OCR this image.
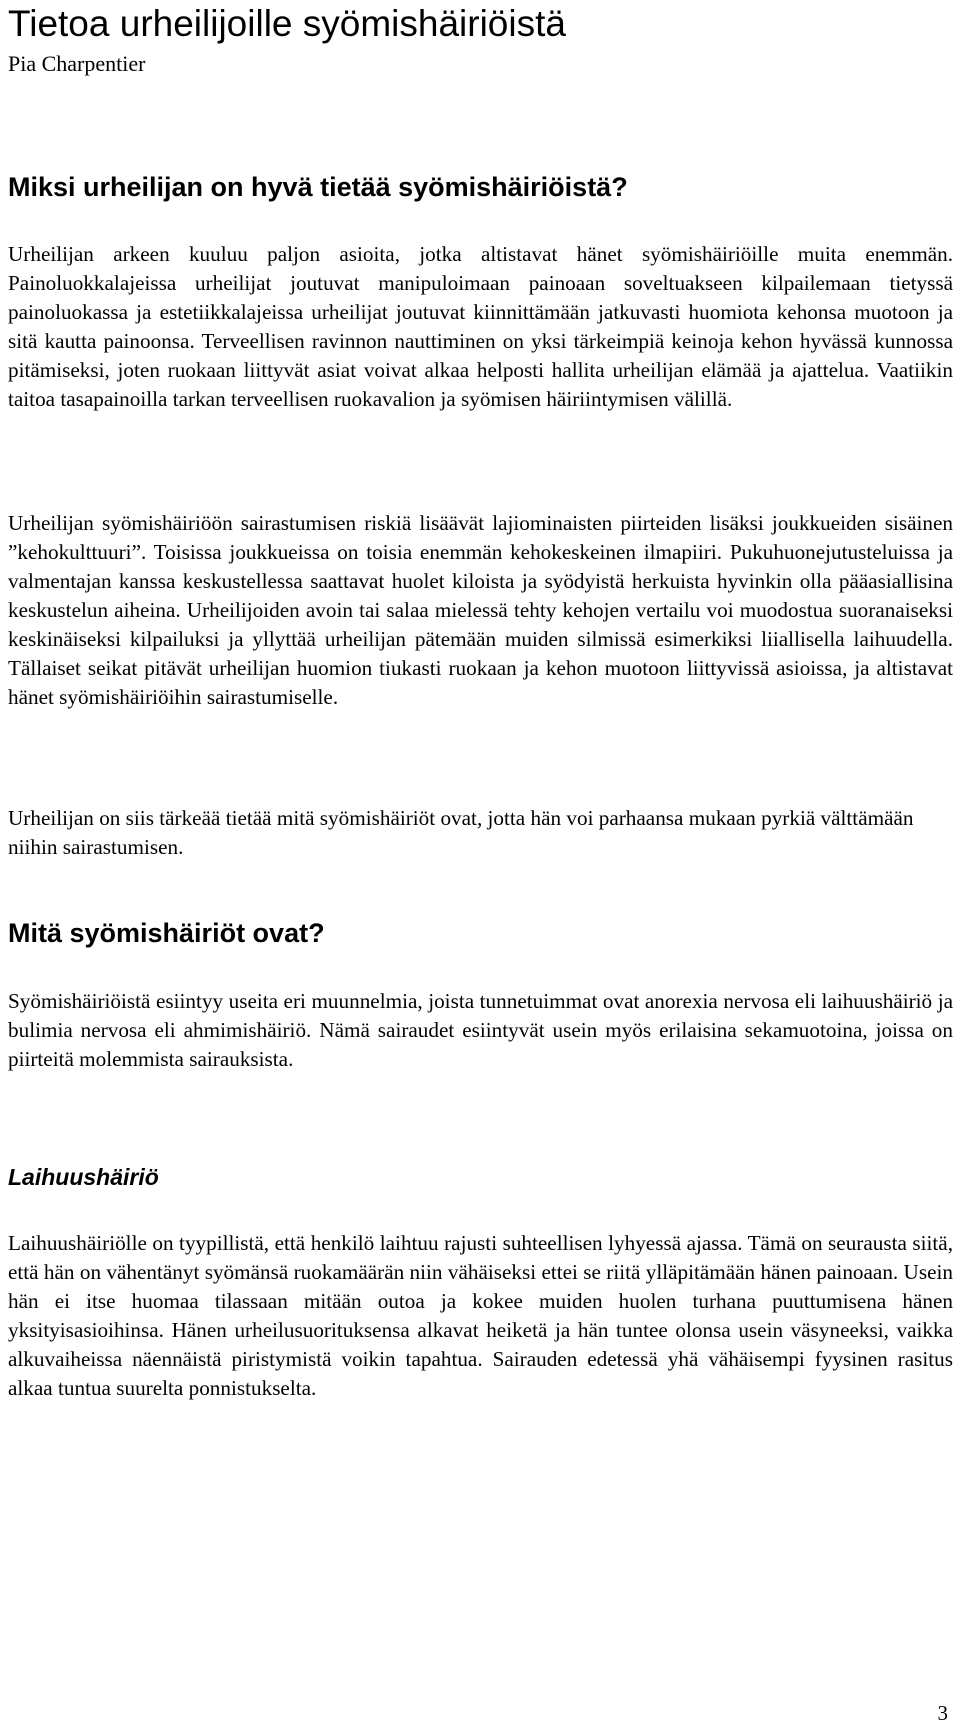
Tietoa urheilijoille syömishäiriöistä

Pia Charpentier

Miksi urheilijan on hyvä tietää syömishäiriöistä?

Urheilijan arkeen kuuluu paljon asioita, jotka altistavat hänet syömishäiriöille muita enemmän. Painoluokkalajeissa urheilijat joutuvat manipuloimaan painoaan soveltuakseen kilpailemaan tietyssä painoluokassa ja estetiikkalajeissa urheilijat joutuvat kiinnittämään jatkuvasti huomiota kehonsa muotoon ja sitä kautta painoonsa. Terveellisen ravinnon nauttiminen on yksi tärkeimpiä keinoja kehon hyvässä kunnossa pitämiseksi, joten ruokaan liittyvät asiat voivat alkaa helposti hallita urheilijan elämää ja ajattelua. Vaatiikin taitoa tasapainoilla tarkan terveellisen ruokavalion ja syömisen häiriintymisen välillä.

Urheilijan syömishäiriöön sairastumisen riskiä lisäävät lajiominaisten piirteiden lisäksi joukkueiden sisäinen ”kehokulttuuri”. Toisissa joukkueissa on toisia enemmän kehokeskeinen ilmapiiri. Pukuhuonejutusteluissa ja valmentajan kanssa keskustellessa saattavat huolet kiloista ja syödyistä herkuista hyvinkin olla pääasiallisina keskustelun aiheina. Urheilijoiden avoin tai salaa mielessä tehty kehojen vertailu voi muodostua suoranaiseksi keskinäiseksi kilpailuksi ja yllyttää urheilijan pätemään muiden silmissä esimerkiksi liiallisella laihuudella. Tällaiset seikat pitävät urheilijan huomion tiukasti ruokaan ja kehon muotoon liittyvissä asioissa, ja altistavat hänet syömishäiriöihin sairastumiselle.

Urheilijan on siis tärkeää tietää mitä syömishäiriöt ovat, jotta hän voi parhaansa mukaan pyrkiä välttämään niihin sairastumisen.

Mitä syömishäiriöt ovat?

Syömishäiriöistä esiintyy useita eri muunnelmia, joista tunnetuimmat ovat anorexia nervosa eli laihuushäiriö ja bulimia nervosa eli ahmimishäiriö. Nämä sairaudet esiintyvät usein myös erilaisina sekamuotoina, joissa on piirteitä molemmista sairauksista.

Laihuushäiriö

Laihuushäiriölle on tyypillistä, että henkilö laihtuu rajusti suhteellisen lyhyessä ajassa. Tämä on seurausta siitä, että hän on vähentänyt syömänsä ruokamäärän niin vähäiseksi ettei se riitä ylläpitämään hänen painoaan. Usein hän ei itse huomaa tilassaan mitään outoa ja kokee muiden huolen turhana puuttumisena hänen yksityisasioihinsa. Hänen urheilusuorituksensa alkavat heiketä ja hän tuntee olonsa usein väsyneeksi, vaikka alkuvaiheissa näennäistä piristymistä voikin tapahtua. Sairauden edetessä yhä vähäisempi fyysinen rasitus alkaa tuntua suurelta ponnistukselta.

3
